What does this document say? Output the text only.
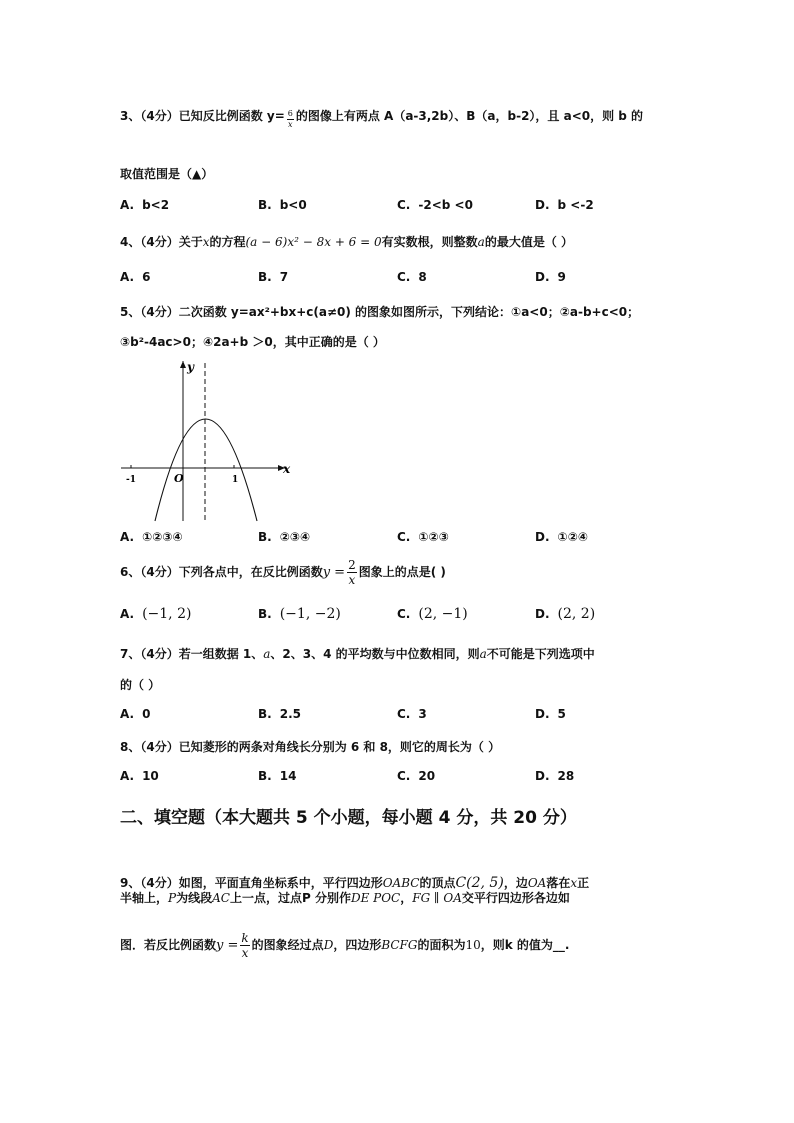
3、（4分）已知反比例函数 $y= \frac{6}{x}$ 的图像上有两点 A（a-3,2b）、B（a，b-2），且 a<0，则 b 的
取值范围是（▲）
A. b<2	B. b<0	C. -2<b <0	D. b <-2
4、（4分）关于x的方程(a − 6)x² − 8x + 6 = 0有实数根，则整数a的最大值是（ ）
A. 6	B. 7	C. 8	D. 9
5、（4分）二次函数 y=ax²+bx+c(a≠0) 的图象如图所示，下列结论：①a<0；②a-b+c<0；
③b²-4ac>0；④2a+b ＞0，其中正确的是（ ）
y
x
O
-1	1
A. ①②③④	B. ②③④	C. ①②③	D. ①②④
6、（4分）下列各点中，在反比例函数$y = \frac{2}{x}$ 图象上的点是( )
A. (−1, 2)	B. (−1, −2)	C. (2, −1)	D. (2, 2)
7、（4分）若一组数据 1、a、2、3、4 的平均数与中位数相同，则a不可能是下列选项中
的（ ）
A. 0	B. 2.5	C. 3	D. 5
8、（4分）已知菱形的两条对角线长分别为 6 和 8，则它的周长为（ ）
A. 10	B. 14	C. 20	D. 28
二、填空题（本大题共 5 个小题，每小题 4 分，共 20 分）
9、（4分）如图，平面直角坐标系中，平行四边形OABC的顶点C(2, 5)，边OA落在x正
半轴上，P为线段AC上一点，过点P 分别作DE POC，FG ∥ OA交平行四边形各边如
图．若反比例函数$y = \frac{k}{x}$ 的图象经过点D，四边形BCFG的面积为10，则k 的值为__.
